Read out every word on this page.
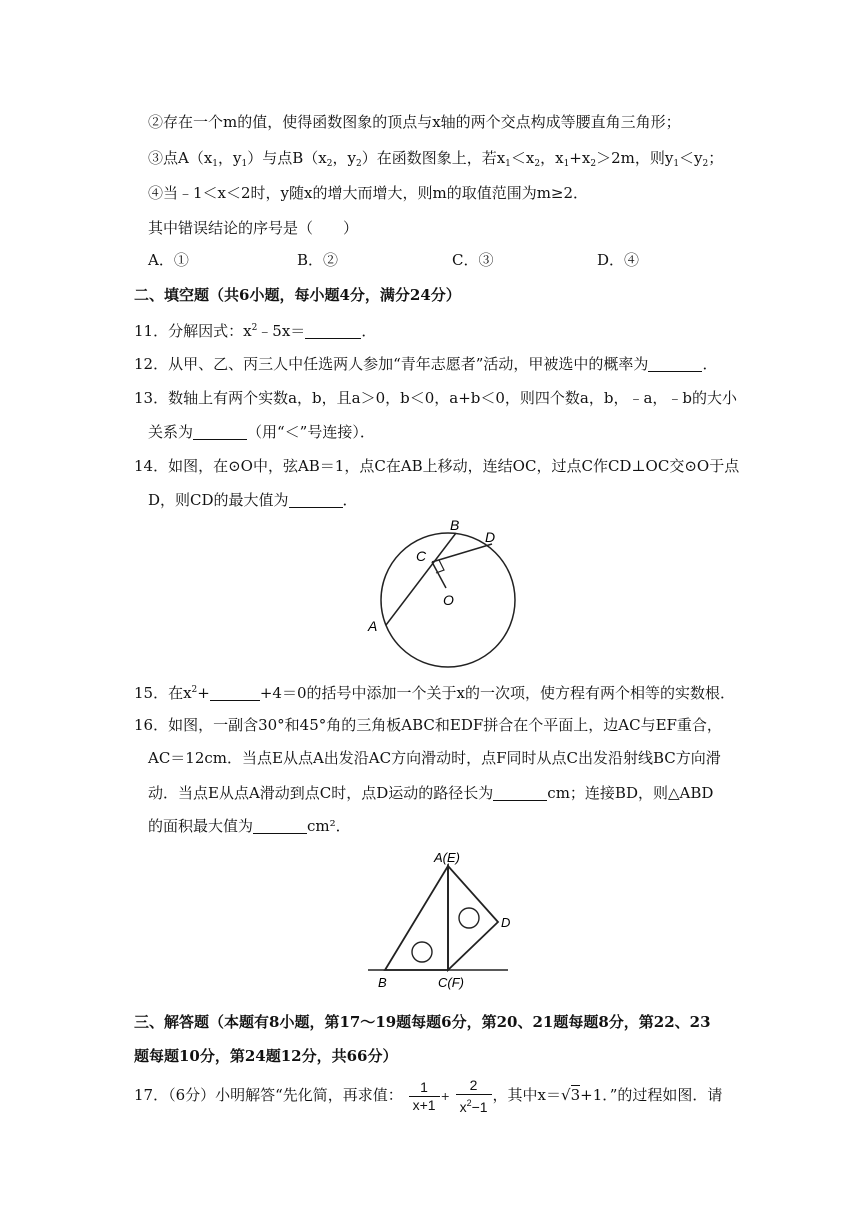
②存在一个m的值，使得函数图象的顶点与x轴的两个交点构成等腰直角三角形；
③点$A(x_1$，$y_1$）与点$B(x_2$，$y_2$）在函数图象上，若$x_1<x_2$，$x_1+x_2>2m$，则$y_1<y_2$；
④当﹣1＜x＜2时，y随x的增大而增大，则m的取值范围为m≥2．
其中错误结论的序号是（　　）
A．①	B．②	C．③	D．④
二、填空题（共6小题，每小题4分，满分24分）
11．分解因式：$x^2﹣5x=$	．
12．从甲、乙、丙三人中任选两人参加“青年志愿者”活动，甲被选中的概率为	．
13．数轴上有两个实数a，b，且a＞0，b＜0，a+b＜0，则四个数a，b，﹣a，﹣b的大小
关系为	（用“＜”号连接）．
14．如图，在⊙O中，弦AB＝1，点C在AB上移动，连结OC，过点C作CD⊥OC交⊙O于点
D，则CD的最大值为	．
B
D
C
O
A
15．在$x^2+$	+4＝0的括号中添加一个关于x的一次项，使方程有两个相等的实数根．
16．如图，一副含30°和45°角的三角板ABC和EDF拼合在个平面上，边AC与EF重合，
AC＝12cm．当点E从点A出发沿AC方向滑动时，点F同时从点C出发沿射线BC方向滑
动．当点E从点A滑动到点C时，点D运动的路径长为	cm；连接BD，则△ABD
的面积最大值为	cm²．
A(E)
D
B	C(F)
三、解答题（本题有8小题，第17～19题每题6分，第20、21题每题8分，第22、23
题每题10分，第24题12分，共66分）
17．（6分）小明解答“先化简，再求值： $\frac{1}{x+1} + \frac{2}{x^2-1}$ ，其中x＝√3+1．”的过程如图．请
